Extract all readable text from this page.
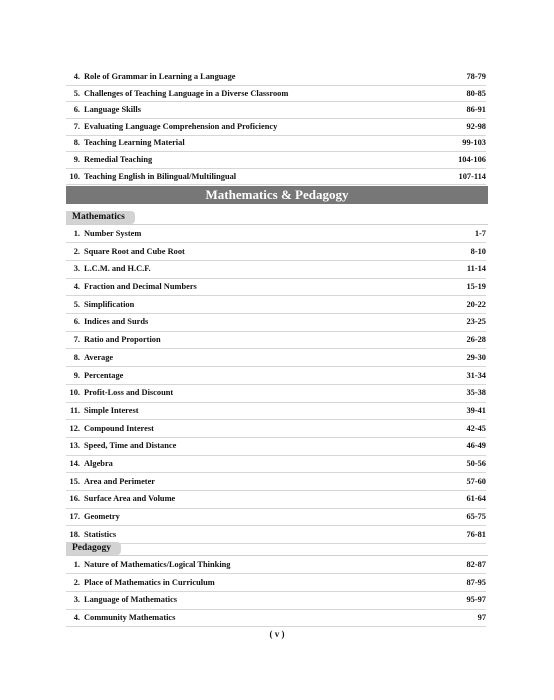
4. Role of Grammar in Learning a Language	78-79
5. Challenges of Teaching Language in a Diverse Classroom	80-85
6. Language Skills	86-91
7. Evaluating Language Comprehension and Proficiency	92-98
8. Teaching Learning Material	99-103
9. Remedial Teaching	104-106
10. Teaching English in Bilingual/Multilingual	107-114
Mathematics & Pedagogy
Mathematics
1. Number System	1-7
2. Square Root and Cube Root	8-10
3. L.C.M. and H.C.F.	11-14
4. Fraction and Decimal Numbers	15-19
5. Simplification	20-22
6. Indices and Surds	23-25
7. Ratio and Proportion	26-28
8. Average	29-30
9. Percentage	31-34
10. Profit-Loss and Discount	35-38
11. Simple Interest	39-41
12. Compound Interest	42-45
13. Speed, Time and Distance	46-49
14. Algebra	50-56
15. Area and Perimeter	57-60
16. Surface Area and Volume	61-64
17. Geometry	65-75
18. Statistics	76-81
Pedagogy
1. Nature of Mathematics/Logical Thinking	82-87
2. Place of Mathematics in Curriculum	87-95
3. Language of Mathematics	95-97
4. Community Mathematics	97
( v )
